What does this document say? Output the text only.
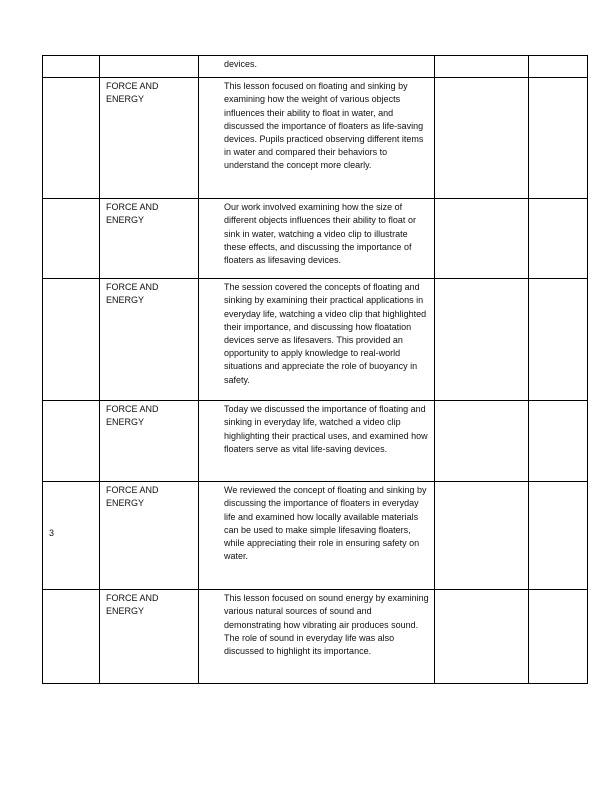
		devices.		
	FORCE AND ENERGY	This lesson focused on floating and sinking by examining how the weight of various objects influences their ability to float in water, and discussed the importance of floaters as life-saving devices. Pupils practiced observing different items in water and compared their behaviors to understand the concept more clearly.		
	FORCE AND ENERGY	Our work involved examining how the size of different objects influences their ability to float or sink in water, watching a video clip to illustrate these effects, and discussing the importance of floaters as lifesaving devices.		
	FORCE AND ENERGY	The session covered the concepts of floating and sinking by examining their practical applications in everyday life, watching a video clip that highlighted their importance, and discussing how floatation devices serve as lifesavers. This provided an opportunity to apply knowledge to real-world situations and appreciate the role of buoyancy in safety.		
	FORCE AND ENERGY	Today we discussed the importance of floating and sinking in everyday life, watched a video clip highlighting their practical uses, and examined how floaters serve as vital life-saving devices.		
3	FORCE AND ENERGY	We reviewed the concept of floating and sinking by discussing the importance of floaters in everyday life and examined how locally available materials can be used to make simple lifesaving floaters, while appreciating their role in ensuring safety on water.		
	FORCE AND ENERGY	This lesson focused on sound energy by examining various natural sources of sound and demonstrating how vibrating air produces sound. The role of sound in everyday life was also discussed to highlight its importance.		
